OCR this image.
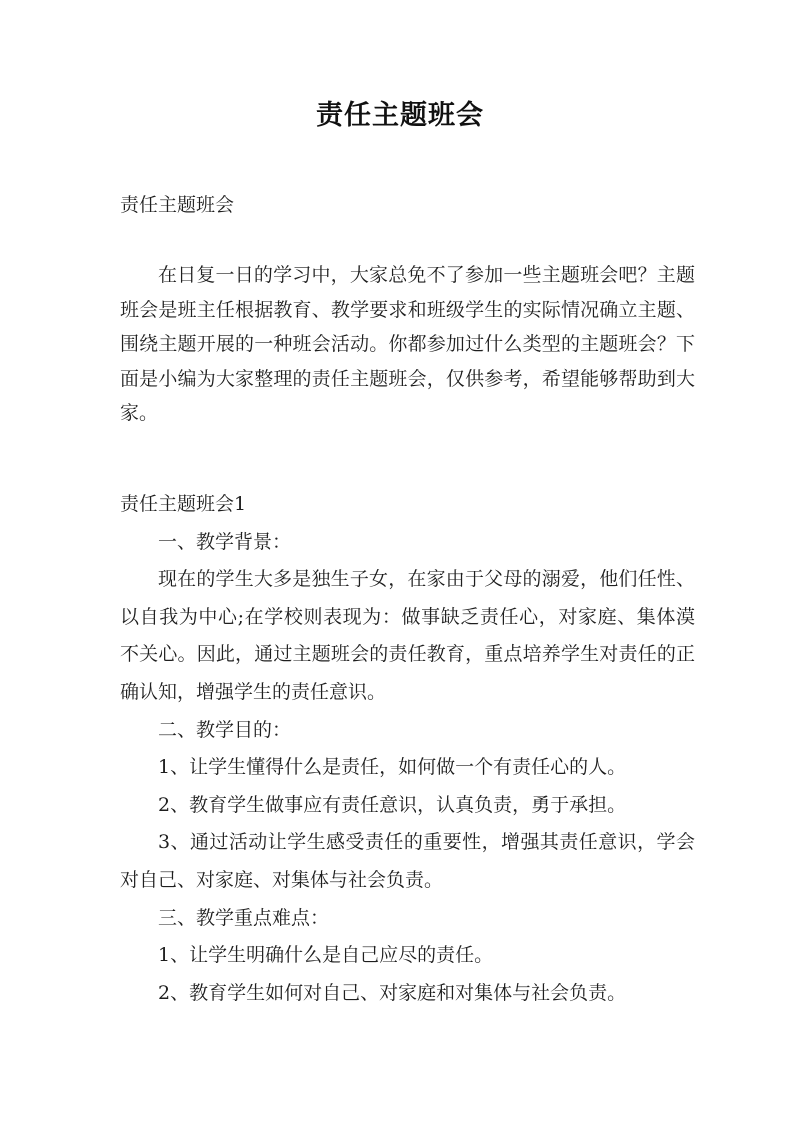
责任主题班会
责任主题班会
在日复一日的学习中，大家总免不了参加一些主题班会吧？主题班会是班主任根据教育、教学要求和班级学生的实际情况确立主题、围绕主题开展的一种班会活动。你都参加过什么类型的主题班会？下面是小编为大家整理的责任主题班会，仅供参考，希望能够帮助到大家。

责任主题班会1

一、教学背景：

现在的学生大多是独生子女，在家由于父母的溺爱，他们任性、以自我为中心;在学校则表现为：做事缺乏责任心，对家庭、集体漠不关心。因此，通过主题班会的责任教育，重点培养学生对责任的正确认知，增强学生的责任意识。

二、教学目的：

1、让学生懂得什么是责任，如何做一个有责任心的人。

2、教育学生做事应有责任意识，认真负责，勇于承担。

3、通过活动让学生感受责任的重要性，增强其责任意识，学会对自己、对家庭、对集体与社会负责。

三、教学重点难点：

1、让学生明确什么是自己应尽的责任。

2、教育学生如何对自己、对家庭和对集体与社会负责。
